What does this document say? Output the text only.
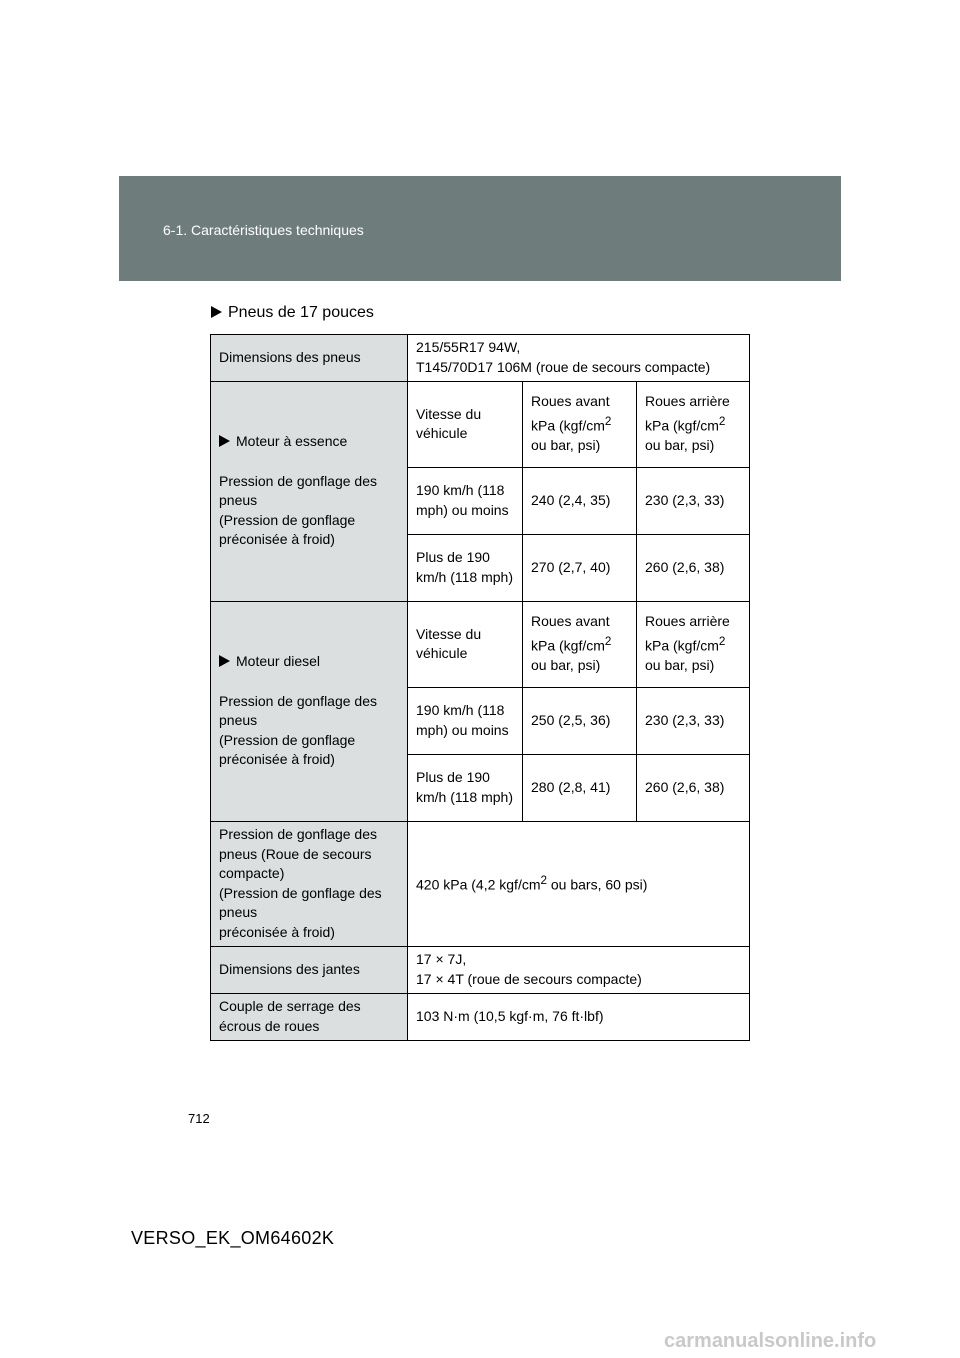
6-1. Caractéristiques techniques
Pneus de 17 pouces
Dimensions des pneus	215/55R17 94W,
T145/70D17 106M (roue de secours compacte)		

Moteur à essence
Pression de gonflage des pneus
(Pression de gonflage préconisée à froid)	Vitesse du véhicule	Roues avant kPa ($kgf/cm^2$ ou bar, psi)	Roues arrière kPa ($kgf/cm^2$ ou bar, psi)
	190 km/h (118 mph) ou moins	240 (2,4, 35)	230 (2,3, 33)
	Plus de 190 km/h (118 mph)	270 (2,7, 40)	260 (2,6, 38)

Moteur diesel
Pression de gonflage des pneus
(Pression de gonflage préconisée à froid)	Vitesse du véhicule	Roues avant kPa ($kgf/cm^2$ ou bar, psi)	Roues arrière kPa ($kgf/cm^2$ ou bar, psi)
	190 km/h (118 mph) ou moins	250 (2,5, 36)	230 (2,3, 33)
	Plus de 190 km/h (118 mph)	280 (2,8, 41)	260 (2,6, 38)

Pression de gonflage des pneus (Roue de secours compacte)
(Pression de gonflage des pneus
préconisée à froid)	420 kPa (4,2 kgf/$cm^2$ ou bars, 60 psi)		
Dimensions des jantes	17 × 7J,
17 × 4T (roue de secours compacte)		

Couple de serrage des écrous de roues	103 N·m (10,5 kgf·m, 76 ft·lbf)		
712
VERSO_EK_OM64602K
carmanualsonline.info
